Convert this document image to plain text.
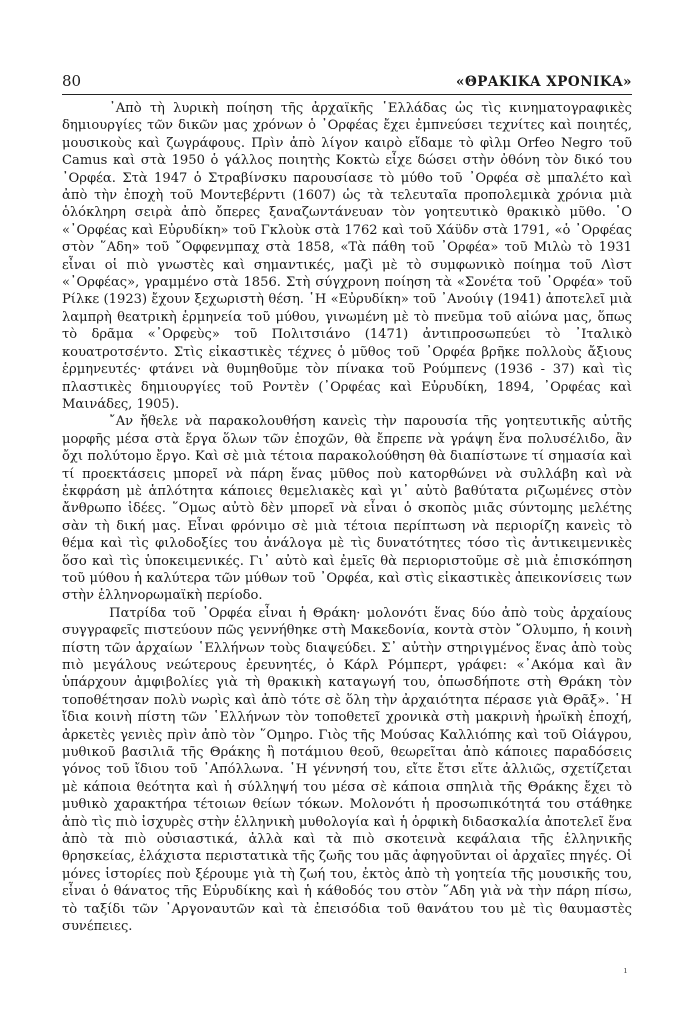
80	«ΘΡΑΚΙΚΑ ΧΡΟΝΙΚΑ»

᾿Απὸ τὴ λυρικὴ ποίηση τῆς ἀρχαϊκῆς ῾Ελλάδας ὡς τὶς κινηματογραφικὲς δημιουργίες τῶν δικῶν μας χρόνων ὁ ᾿Ορφέας ἔχει ἐμπνεύσει τεχνίτες καὶ ποιητές, μουσικοὺς καὶ ζωγράφους. Πρὶν ἀπὸ λίγον καιρὸ εἴδαμε τὸ φὶλμ Orfeo Negro τοῦ Camus καὶ στὰ 1950 ὁ γάλλος ποιητὴς Κοκτὼ εἶχε δώσει στὴν ὀθόνη τὸν δικό του ᾿Ορφέα. Στὰ 1947 ὁ Στραβίνσκυ παρουσίασε τὸ μύθο τοῦ ᾿Ορφέα σὲ μπαλέτο καὶ ἀπὸ τὴν ἐποχὴ τοῦ Μοντεβέρντι (1607) ὡς τὰ τελευταῖα προπολεμικὰ χρόνια μιὰ ὁλόκληρη σειρὰ ἀπὸ ὄπερες ξαναζωντάνευαν τὸν γοητευτικὸ θρακικὸ μῦθο. ῾Ο «᾿Ορφέας καὶ Εὐρυδίκη» τοῦ Γκλοὺκ στὰ 1762 καὶ τοῦ Χάϋδν στὰ 1791, «ὁ ᾿Ορφέας στὸν ῞Αδη» τοῦ ῎Οφφενμπαχ στὰ 1858, «Τὰ πάθη τοῦ ᾿Ορφέα» τοῦ Μιλὼ τὸ 1931 εἶναι οἱ πιὸ γνωστὲς καὶ σημαντικές, μαζὶ μὲ τὸ συμφωνικὸ ποίημα τοῦ Λὶστ «᾿Ορφέας», γραμμένο στὰ 1856. Στὴ σύγχρονη ποίηση τὰ «Σονέτα τοῦ ᾿Ορφέα» τοῦ Ρίλκε (1923) ἔχουν ξεχωριστὴ θέση. ῾Η «Εὐρυδίκη» τοῦ ᾿Ανούιγ (1941) ἀποτελεῖ μιὰ λαμπρὴ θεατρικὴ ἑρμηνεία τοῦ μύθου, γινωμένη μὲ τὸ πνεῦμα τοῦ αἰώνα μας, ὅπως τὸ δρᾶμα «᾿Ορφεὺς» τοῦ Πολιτσιάνο (1471) ἀντιπροσωπεύει τὸ ᾿Ιταλικὸ κουατροτσέντο. Στὶς εἰκαστικὲς τέχνες ὁ μῦθος τοῦ ᾿Ορφέα βρῆκε πολλοὺς ἄξιους ἑρμηνευτές· φτάνει νὰ θυμηθοῦμε τὸν πίνακα τοῦ Ρούμπενς (1936 - 37) καὶ τὶς πλαστικὲς δημιουργίες τοῦ Ροντὲν (᾿Ορφέας καὶ Εὐρυδίκη, 1894, ᾿Ορφέας καὶ Μαινάδες, 1905).

῎Αν ἤθελε νὰ παρακολουθήση κανεὶς τὴν παρουσία τῆς γοητευτικῆς αὐτῆς μορφῆς μέσα στὰ ἔργα ὅλων τῶν ἐποχῶν, θὰ ἔπρεπε νὰ γράψη ἕνα πολυσέλιδο, ἂν ὄχι πολύτομο ἔργο. Καὶ σὲ μιὰ τέτοια παρακολούθηση θὰ διαπίστωνε τί σημασία καὶ τί προεκτάσεις μπορεῖ νὰ πάρη ἕνας μῦθος ποὺ κατορθώνει νὰ συλλάβη καὶ νὰ ἐκφράση μὲ ἁπλότητα κάποιες θεμελιακὲς καὶ γι᾿ αὐτὸ βαθύτατα ριζωμένες στὸν ἄνθρωπο ἰδέες. ῞Ομως αὐτὸ δὲν μπορεῖ νὰ εἶναι ὁ σκοπὸς μιᾶς σύντομης μελέτης σὰν τὴ δική μας. Εἶναι φρόνιμο σὲ μιὰ τέτοια περίπτωση νὰ περιορίζη κανεὶς τὸ θέμα καὶ τὶς φιλοδοξίες του ἀνάλογα μὲ τὶς δυνατότητες τόσο τὶς ἀντικειμενικὲς ὅσο καὶ τὶς ὑποκειμενικές. Γι᾿ αὐτὸ καὶ ἐμεῖς θὰ περιοριστοῦμε σὲ μιὰ ἐπισκόπηση τοῦ μύθου ἡ καλύτερα τῶν μύθων τοῦ ᾿Ορφέα, καὶ στὶς εἰκαστικὲς ἀπεικονίσεις των στὴν ἑλληνορωμαϊκὴ περίοδο.

Πατρίδα τοῦ ᾿Ορφέα εἶναι ἡ Θράκη· μολονότι ἕνας δύο ἀπὸ τοὺς ἀρχαίους συγγραφεῖς πιστεύουν πῶς γεννήθηκε στὴ Μακεδονία, κοντὰ στὸν ῎Ολυμπο, ἡ κοινὴ πίστη τῶν ἀρχαίων ῾Ελλήνων τοὺς διαψεύδει. Σ᾿ αὐτὴν στηριγμένος ἕνας ἀπὸ τοὺς πιὸ μεγάλους νεώτερους ἐρευνητές, ὁ Κάρλ Ρόμπερτ, γράφει: «᾿Ακόμα καὶ ἂν ὑπάρχουν ἀμφιβολίες γιὰ τὴ θρακικὴ καταγωγή του, ὁπωσδήποτε στὴ Θράκη τὸν τοποθέτησαν πολὺ νωρὶς καὶ ἀπὸ τότε σὲ ὅλη τὴν ἀρχαιότητα πέρασε γιὰ Θρᾶξ». ῾Η ἴδια κοινὴ πίστη τῶν ῾Ελλήνων τὸν τοποθετεῖ χρονικὰ στὴ μακρινὴ ἡρωϊκὴ ἐποχή, ἀρκετὲς γενιὲς πρὶν ἀπὸ τὸν ῞Ομηρο. Γιὸς τῆς Μούσας Καλλιόπης καὶ τοῦ Οἰάγρου, μυθικοῦ βασιλιᾶ τῆς Θράκης ἢ ποτάμιου θεοῦ, θεωρεῖται ἀπὸ κάποιες παραδόσεις γόνος τοῦ ἴδιου τοῦ ᾿Απόλλωνα. ῾Η γέννησή του, εἴτε ἔτσι εἴτε ἀλλιῶς, σχετίζεται μὲ κάποια θεότητα καὶ ἡ σύλληψή του μέσα σὲ κάποια σπηλιὰ τῆς Θράκης ἔχει τὸ μυθικὸ χαρακτήρα τέτοιων θείων τόκων. Μολονότι ἡ προσωπικότητά του στάθηκε ἀπὸ τὶς πιὸ ἰσχυρὲς στὴν ἑλληνικὴ μυθολογία καὶ ἡ ὀρφικὴ διδασκαλία ἀποτελεῖ ἕνα ἀπὸ τὰ πιὸ οὐσιαστικά, ἀλλὰ καὶ τὰ πιὸ σκοτεινὰ κεφάλαια τῆς ἑλληνικῆς θρησκείας, ἐλάχιστα περιστατικὰ τῆς ζωῆς του μᾶς ἀφηγοῦνται οἱ ἀρχαῖες πηγές. Οἱ μόνες ἱστορίες ποὺ ξέρουμε γιὰ τὴ ζωή του, ἐκτὸς ἀπὸ τὴ γοητεία τῆς μουσικῆς του, εἶναι ὁ θάνατος τῆς Εὐρυδίκης καὶ ἡ κάθοδός του στὸν ῞Αδη γιὰ νὰ τὴν πάρη πίσω, τὸ ταξίδι τῶν ᾿Αργοναυτῶν καὶ τὰ ἐπεισόδια τοῦ θανάτου του μὲ τὶς θαυμαστὲς συνέπειες.

ı
